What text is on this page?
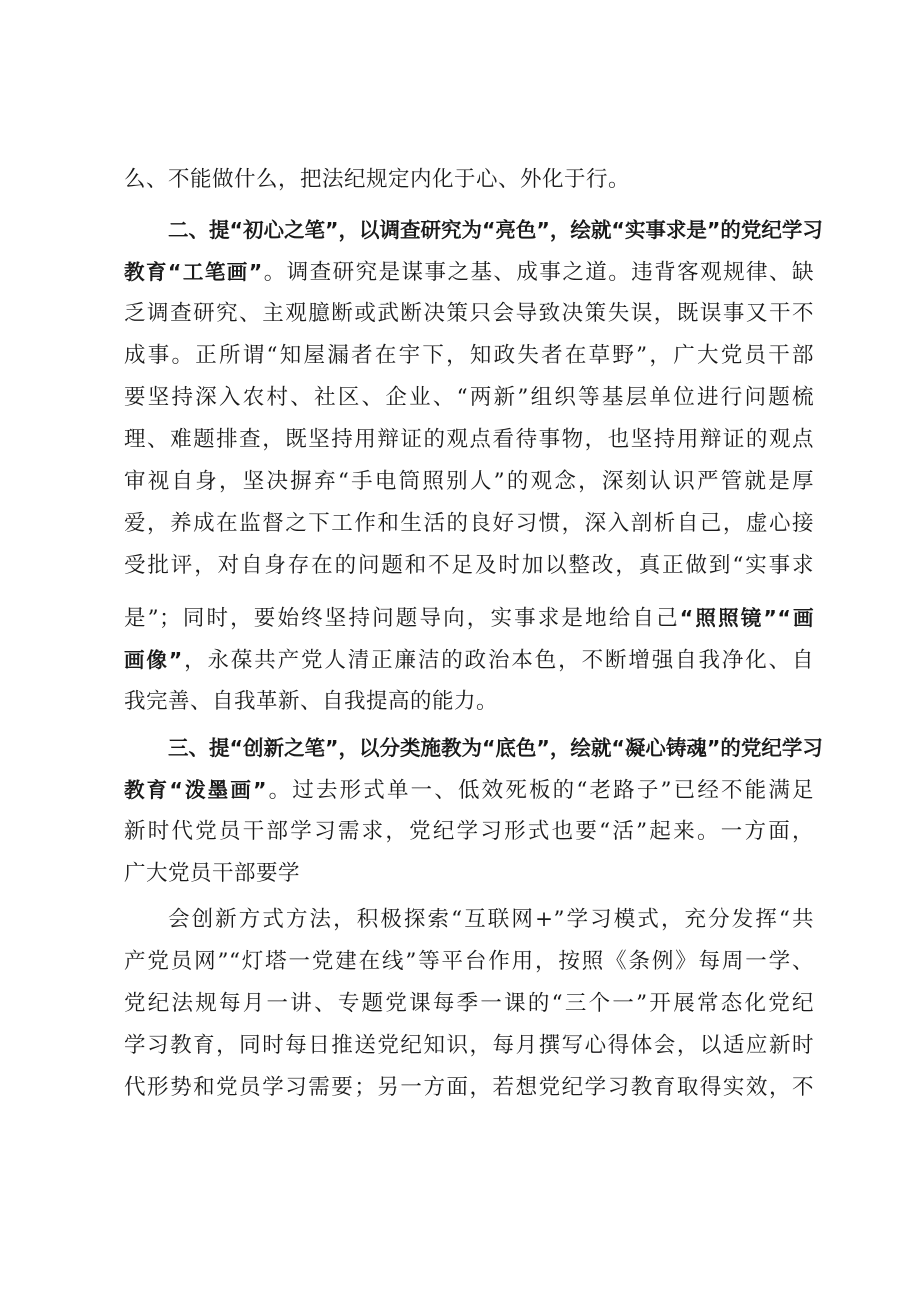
么、不能做什么，把法纪规定内化于心、外化于行。
二、提“初心之笔”，以调查研究为“亮色”，绘就“实事求是”的党纪学习
教育“工笔画”。调查研究是谋事之基、成事之道。违背客观规律、缺
乏调查研究、主观臆断或武断决策只会导致决策失误，既误事又干不
成事。正所谓“知屋漏者在宇下，知政失者在草野”，广大党员干部
要坚持深入农村、社区、企业、“两新”组织等基层单位进行问题梳
理、难题排查，既坚持用辩证的观点看待事物，也坚持用辩证的观点
审视自身，坚决摒弃“手电筒照别人”的观念，深刻认识严管就是厚
爱，养成在监督之下工作和生活的良好习惯，深入剖析自己，虚心接
受批评，对自身存在的问题和不足及时加以整改，真正做到“实事求
是”；同时，要始终坚持问题导向，实事求是地给自己“照照镜”“画
画像”，永葆共产党人清正廉洁的政治本色，不断增强自我净化、自
我完善、自我革新、自我提高的能力。
三、提“创新之笔”，以分类施教为“底色”，绘就“凝心铸魂”的党纪学习
教育“泼墨画”。过去形式单一、低效死板的“老路子”已经不能满足
新时代党员干部学习需求，党纪学习形式也要“活”起来。一方面，
广大党员干部要学
会创新方式方法，积极探索“互联网+”学习模式，充分发挥“共
产党员网”“灯塔一党建在线”等平台作用，按照《条例》每周一学、
党纪法规每月一讲、专题党课每季一课的“三个一”开展常态化党纪
学习教育，同时每日推送党纪知识，每月撰写心得体会，以适应新时
代形势和党员学习需要；另一方面，若想党纪学习教育取得实效，不
